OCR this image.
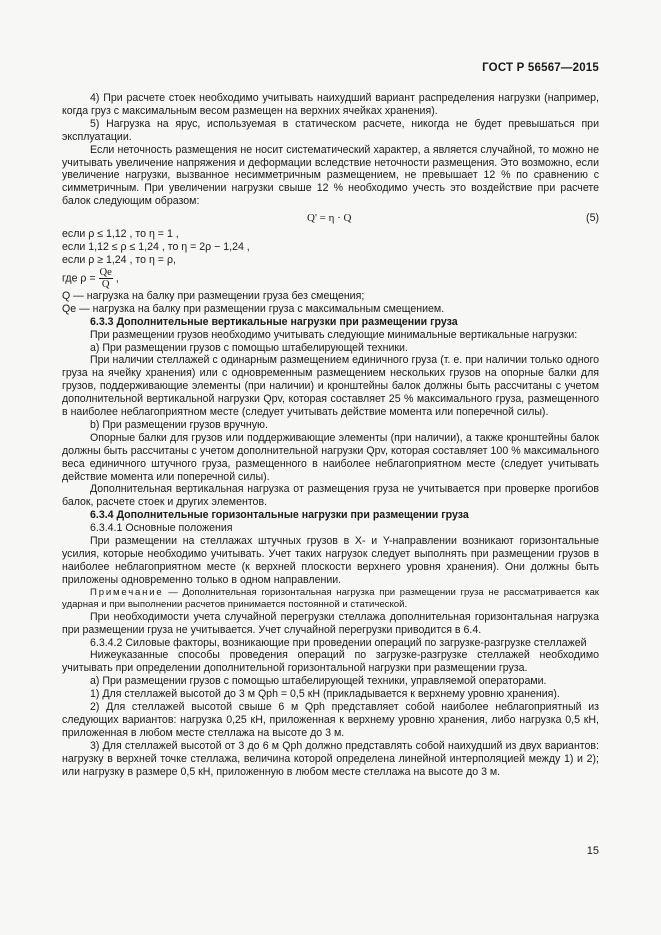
ГОСТ Р 56567—2015

4) При расчете стоек необходимо учитывать наихудший вариант распределения нагрузки (например, когда груз с максимальным весом размещен на верхних ячейках хранения).

5) Нагрузка на ярус, используемая в статическом расчете, никогда не будет превышаться при эксплуатации.

Если неточность размещения не носит систематический характер, а является случайной, то можно не учитывать увеличение напряжения и деформации вследствие неточности размещения. Это возможно, если увеличение нагрузки, вызванное несимметричным размещением, не превышает 12 % по сравнению с симметричным. При увеличении нагрузки свыше 12 % необходимо учесть это воздействие при расчете балок следующим образом:

Q' = η · Q	(5)

если ρ ≤ 1,12 , то η = 1 ,

если 1,12 ≤ ρ ≤ 1,24 , то η = 2ρ − 1,24 ,

если ρ ≥ 1,24 , то η = ρ,

где $\rho = \frac{Qe}{Q}$ ,

Q — нагрузка на балку при размещении груза без смещения;

Qe — нагрузка на балку при размещении груза с максимальным смещением.

6.3.3 Дополнительные вертикальные нагрузки при размещении груза

При размещении грузов необходимо учитывать следующие минимальные вертикальные нагрузки:

a) При размещении грузов с помощью штабелирующей техники.

При наличии стеллажей с одинарным размещением единичного груза (т. е. при наличии только одного груза на ячейку хранения) или с одновременным размещением нескольких грузов на опорные балки для грузов, поддерживающие элементы (при наличии) и кронштейны балок должны быть рассчитаны с учетом дополнительной вертикальной нагрузки Qpv, которая составляет 25 % максимального груза, размещенного в наиболее неблагоприятном месте (следует учитывать действие момента или поперечной силы).

b) При размещении грузов вручную.

Опорные балки для грузов или поддерживающие элементы (при наличии), а также кронштейны балок должны быть рассчитаны с учетом дополнительной нагрузки Qpv, которая составляет 100 % максимального веса единичного штучного груза, размещенного в наиболее неблагоприятном месте (следует учитывать действие момента или поперечной силы).

Дополнительная вертикальная нагрузка от размещения груза не учитывается при проверке прогибов балок, расчете стоек и других элементов.

6.3.4 Дополнительные горизонтальные нагрузки при размещении груза

6.3.4.1 Основные положения

При размещении на стеллажах штучных грузов в X- и Y-направлении возникают горизонтальные усилия, которые необходимо учитывать. Учет таких нагрузок следует выполнять при размещении грузов в наиболее неблагоприятном месте (к верхней плоскости верхнего уровня хранения). Они должны быть приложены одновременно только в одном направлении.

Примечание — Дополнительная горизонтальная нагрузка при размещении груза не рассматривается как ударная и при выполнении расчетов принимается постоянной и статической.

При необходимости учета случайной перегрузки стеллажа дополнительная горизонтальная нагрузка при размещении груза не учитывается. Учет случайной перегрузки приводится в 6.4.

6.3.4.2 Силовые факторы, возникающие при проведении операций по загрузке-разгрузке стеллажей

Нижеуказанные способы проведения операций по загрузке-разгрузке стеллажей необходимо учитывать при определении дополнительной горизонтальной нагрузки при размещении груза.

a) При размещении грузов с помощью штабелирующей техники, управляемой операторами.

1) Для стеллажей высотой до 3 м Qph = 0,5 кН (прикладывается к верхнему уровню хранения).

2) Для стеллажей высотой свыше 6 м Qph представляет собой наиболее неблагоприятный из следующих вариантов: нагрузка 0,25 кН, приложенная к верхнему уровню хранения, либо нагрузка 0,5 кН, приложенная в любом месте стеллажа на высоте до 3 м.

3) Для стеллажей высотой от 3 до 6 м Qph должно представлять собой наихудший из двух вариантов: нагрузку в верхней точке стеллажа, величина которой определена линейной интерполяцией между 1) и 2); или нагрузку в размере 0,5 кН, приложенную в любом месте стеллажа на высоте до 3 м.

15
